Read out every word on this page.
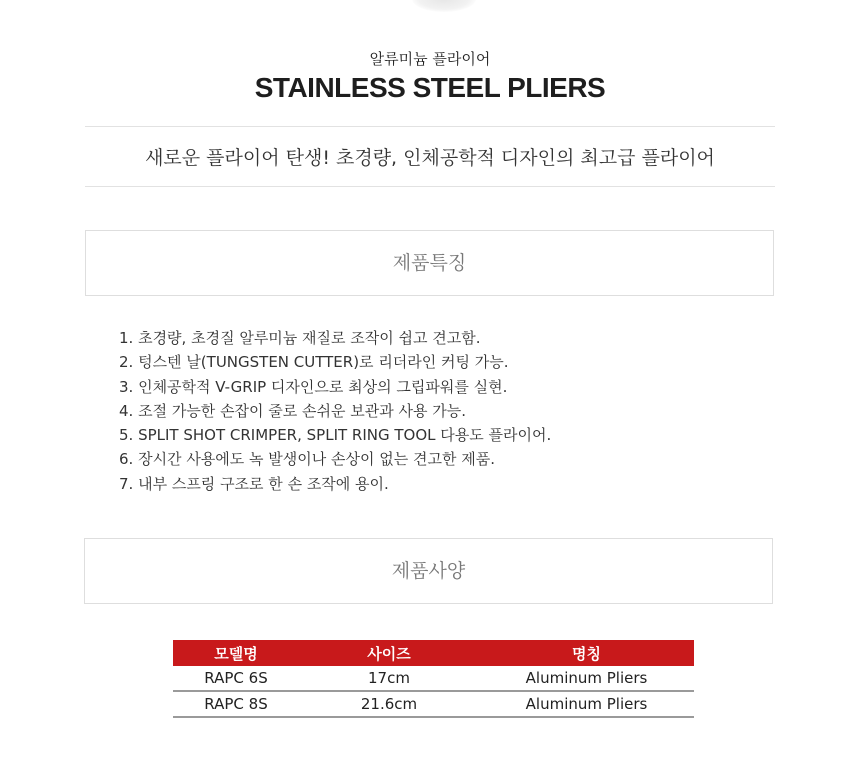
알류미늄 플라이어
STAINLESS STEEL PLIERS
새로운 플라이어 탄생! 초경량, 인체공학적 디자인의 최고급 플라이어
제품특징
1. 초경량, 초경질 알루미늄 재질로 조작이 쉽고 견고함.
2. 텅스텐 날(TUNGSTEN CUTTER)로 리더라인 커팅 가능.
3. 인체공학적 V-GRIP 디자인으로 최상의 그립파워를 실현.
4. 조절 가능한 손잡이 줄로 손쉬운 보관과 사용 가능.
5. SPLIT SHOT CRIMPER, SPLIT RING TOOL 다용도 플라이어.
6. 장시간 사용에도 녹 발생이나 손상이 없는 견고한 제품.
7. 내부 스프링 구조로 한 손 조작에 용이.
제품사양
모델명	사이즈	명칭
RAPC 6S	17cm	Aluminum Pliers
RAPC 8S	21.6cm	Aluminum Pliers
